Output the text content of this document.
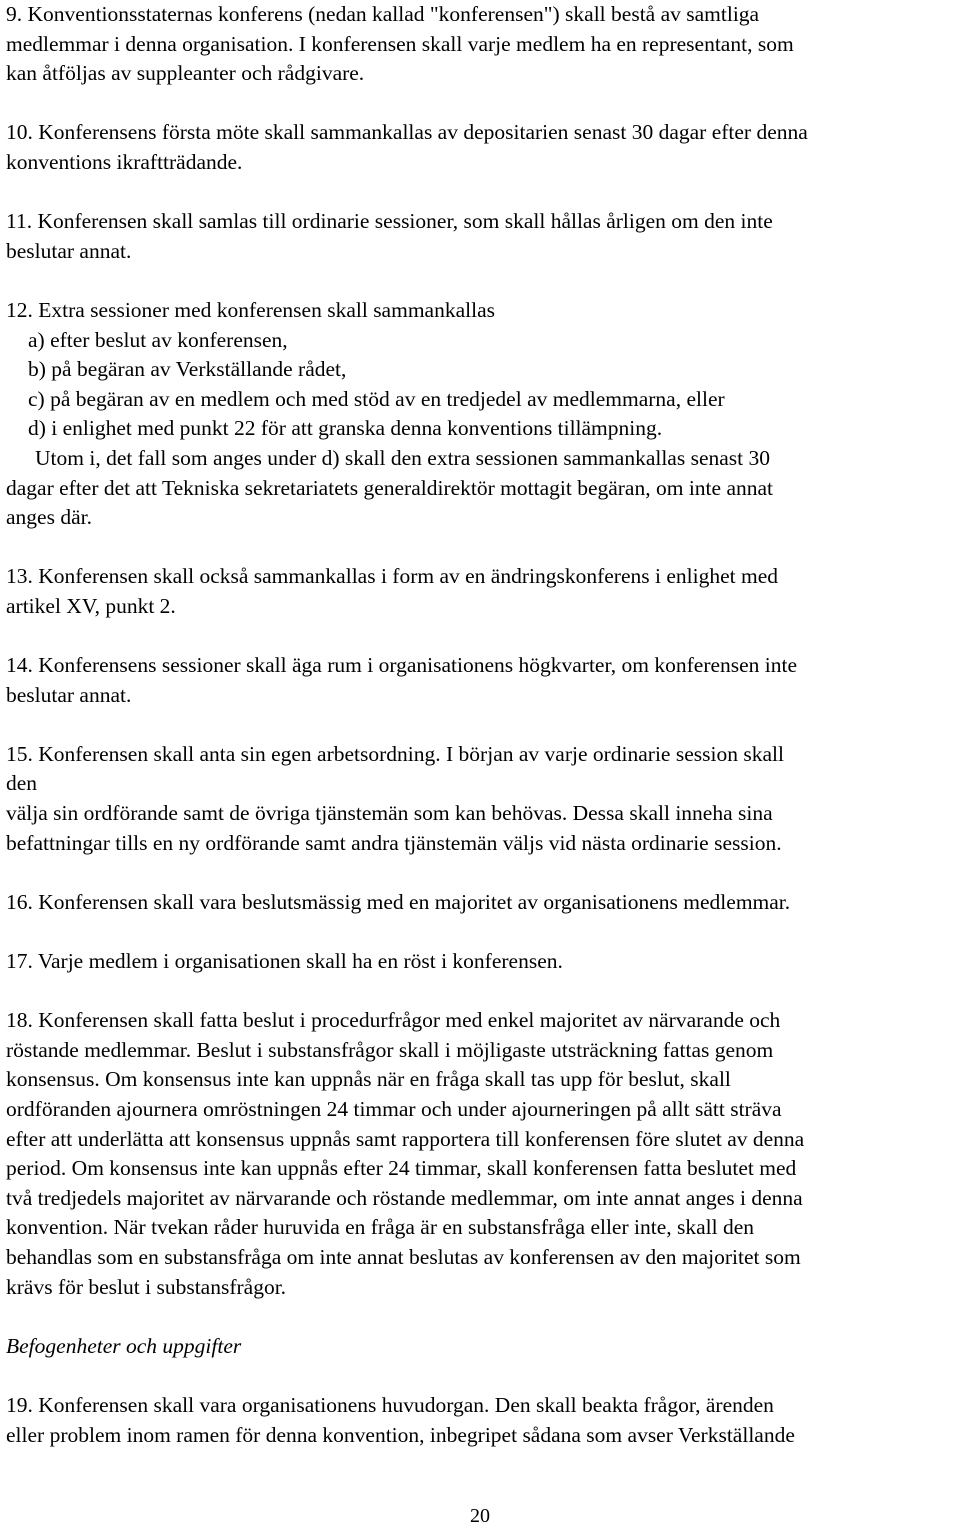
9. Konventionsstaternas konferens (nedan kallad "konferensen") skall bestå av samtliga
medlemmar i denna organisation. I konferensen skall varje medlem ha en representant, som
kan åtföljas av suppleanter och rådgivare.
10. Konferensens första möte skall sammankallas av depositarien senast 30 dagar efter denna
konventions ikraftträdande.
11. Konferensen skall samlas till ordinarie sessioner, som skall hållas årligen om den inte
beslutar annat.
12. Extra sessioner med konferensen skall sammankallas
a) efter beslut av konferensen,
b) på begäran av Verkställande rådet,
c) på begäran av en medlem och med stöd av en tredjedel av medlemmarna, eller
d) i enlighet med punkt 22 för att granska denna konventions tillämpning.
Utom i, det fall som anges under d) skall den extra sessionen sammankallas senast 30
dagar efter det att Tekniska sekretariatets generaldirektör mottagit begäran, om inte annat
anges där.
13. Konferensen skall också sammankallas i form av en ändringskonferens i enlighet med
artikel XV, punkt 2.
14. Konferensens sessioner skall äga rum i organisationens högkvarter, om konferensen inte
beslutar annat.
15. Konferensen skall anta sin egen arbetsordning. I början av varje ordinarie session skall
den
välja sin ordförande samt de övriga tjänstemän som kan behövas. Dessa skall inneha sina
befattningar tills en ny ordförande samt andra tjänstemän väljs vid nästa ordinarie session.
16. Konferensen skall vara beslutsmässig med en majoritet av organisationens medlemmar.
17. Varje medlem i organisationen skall ha en röst i konferensen.
18. Konferensen skall fatta beslut i procedurfrågor med enkel majoritet av närvarande och
röstande medlemmar. Beslut i substansfrågor skall i möjligaste utsträckning fattas genom
konsensus. Om konsensus inte kan uppnås när en fråga skall tas upp för beslut, skall
ordföranden ajournera omröstningen 24 timmar och under ajourneringen på allt sätt sträva
efter att underlätta att konsensus uppnås samt rapportera till konferensen före slutet av denna
period. Om konsensus inte kan uppnås efter 24 timmar, skall konferensen fatta beslutet med
två tredjedels majoritet av närvarande och röstande medlemmar, om inte annat anges i denna
konvention. När tvekan råder huruvida en fråga är en substansfråga eller inte, skall den
behandlas som en substansfråga om inte annat beslutas av konferensen av den majoritet som
krävs för beslut i substansfrågor.
Befogenheter och uppgifter
19. Konferensen skall vara organisationens huvudorgan. Den skall beakta frågor, ärenden
eller problem inom ramen för denna konvention, inbegripet sådana som avser Verkställande
20
